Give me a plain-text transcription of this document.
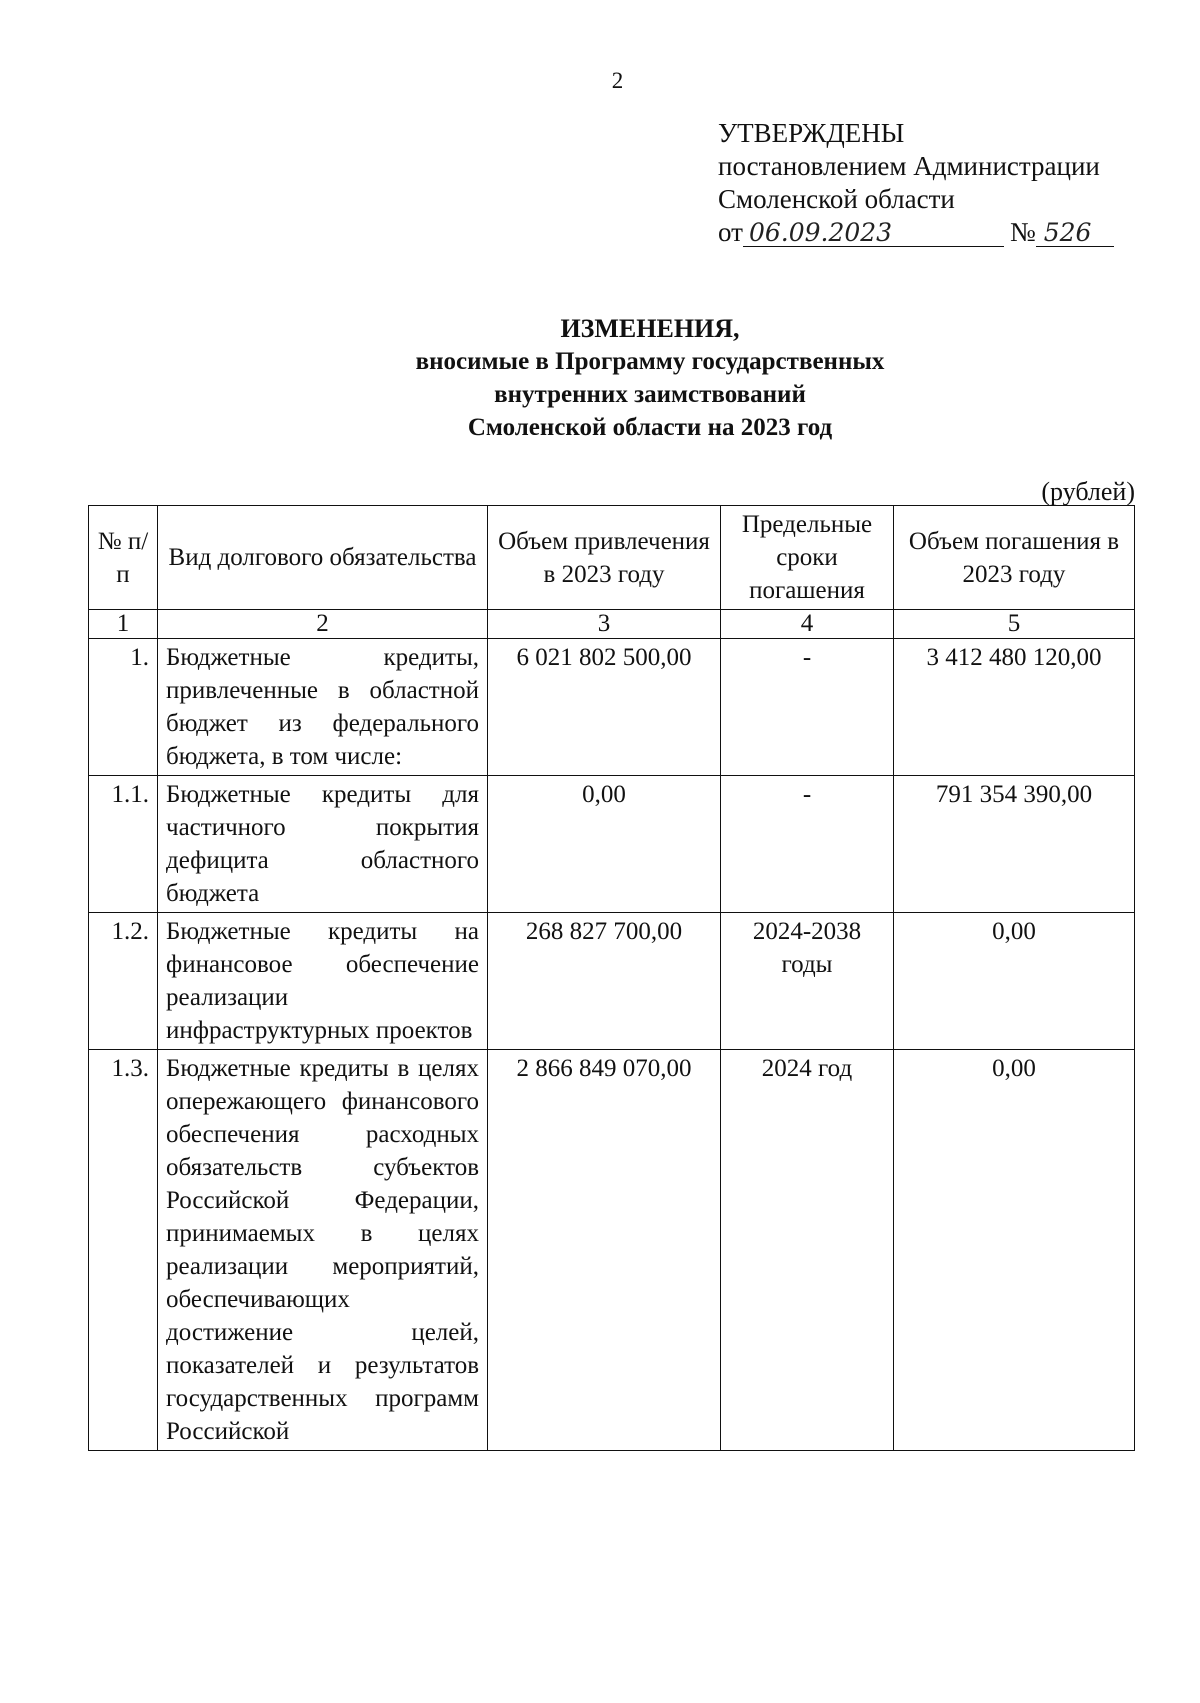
2
УТВЕРЖДЕНЫ
постановлением Администрации
Смоленской области
от 06.09.2023	№ 526
ИЗМЕНЕНИЯ,
вносимые в Программу государственных
внутренних заимствований
Смоленской области на 2023 год
(рублей)
№ п/п	Вид долгового обязательства	Объем привлечения в 2023 году	Предельные сроки погашения	Объем погашения в 2023 году
1	2	3	4	5
1.	Бюджетные кредиты, привлеченные в областной бюджет из федерального бюджета, в том числе:	6 021 802 500,00	-	3 412 480 120,00
1.1.	Бюджетные кредиты для частичного покрытия дефицита областного бюджета	0,00	-	791 354 390,00
1.2.	Бюджетные кредиты на финансовое обеспечение реализации инфраструктурных проектов	268 827 700,00	2024-2038 годы	0,00
1.3.	Бюджетные кредиты в целях опережающего финансового обеспечения расходных обязательств субъектов Российской Федерации, принимаемых в целях реализации мероприятий, обеспечивающих достижение целей, показателей и результатов государственных программ Российской	2 866 849 070,00	2024 год	0,00
